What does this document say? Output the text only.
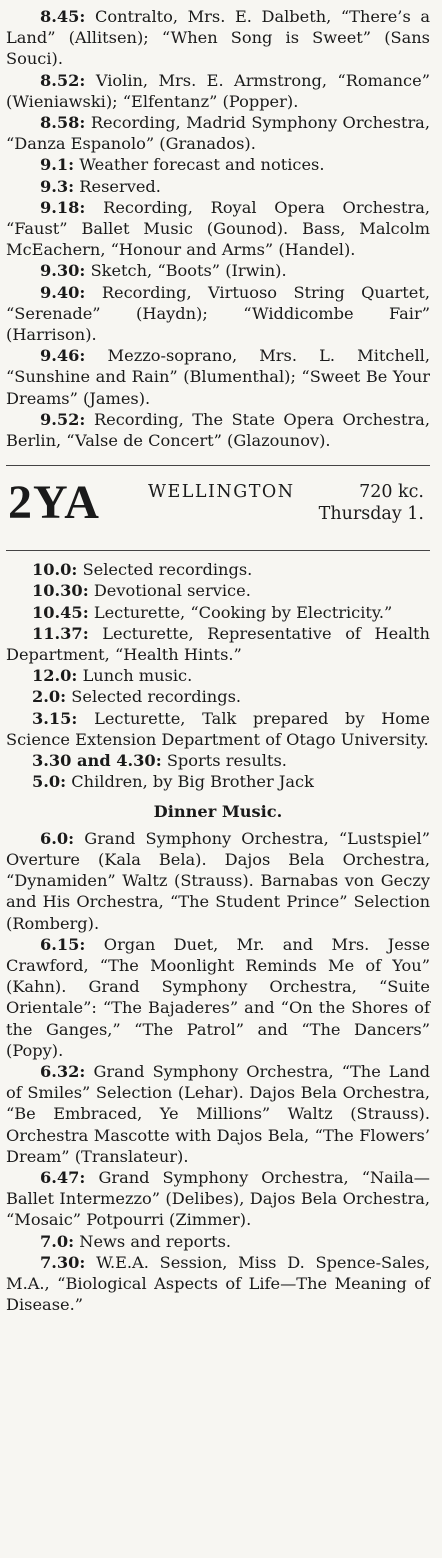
8.45: Contralto, Mrs. E. Dalbeth, “There’s a Land” (Allitsen); “When Song is Sweet” (Sans Souci).

8.52: Violin, Mrs. E. Armstrong, “Romance” (Wieniawski); “Elfentanz” (Popper).

8.58: Recording, Madrid Symphony Orchestra, “Danza Espanolo” (Granados).

9.1: Weather forecast and notices.

9.3: Reserved.

9.18: Recording, Royal Opera Orchestra, “Faust” Ballet Music (Gounod). Bass, Malcolm McEachern, “Honour and Arms” (Handel).

9.30: Sketch, “Boots” (Irwin).

9.40: Recording, Virtuoso String Quartet, “Serenade” (Haydn); “Widdicombe Fair” (Harrison).

9.46: Mezzo-soprano, Mrs. L. Mitchell, “Sunshine and Rain” (Blumenthal); “Sweet Be Your Dreams” (James).

9.52: Recording, The State Opera Orchestra, Berlin, “Valse de Concert” (Glazounov).

2YA	WELLINGTON	720 kc.
Thursday 1.

10.0: Selected recordings.

10.30: Devotional service.

10.45: Lecturette, “Cooking by Electricity.”

11.37: Lecturette, Representative of Health Department, “Health Hints.”

12.0: Lunch music.

2.0: Selected recordings.

3.15: Lecturette, Talk prepared by Home Science Extension Department of Otago University.

3.30 and 4.30: Sports results.

5.0: Children, by Big Brother Jack

Dinner Music.

6.0: Grand Symphony Orchestra, “Lustspiel” Overture (Kala Bela). Dajos Bela Orchestra, “Dynamiden” Waltz (Strauss). Barnabas von Geczy and His Orchestra, “The Student Prince” Selection (Romberg).

6.15: Organ Duet, Mr. and Mrs. Jesse Crawford, “The Moonlight Reminds Me of You” (Kahn). Grand Symphony Orchestra, “Suite Orientale”: “The Bajaderes” and “On the Shores of the Ganges,” “The Patrol” and “The Dancers” (Popy).

6.32: Grand Symphony Orchestra, “The Land of Smiles” Selection (Lehar). Dajos Bela Orchestra, “Be Embraced, Ye Millions” Waltz (Strauss). Orchestra Mascotte with Dajos Bela, “The Flowers’ Dream” (Translateur).

6.47: Grand Symphony Orchestra, “Naila—Ballet Intermezzo” (Delibes), Dajos Bela Orchestra, “Mosaic” Potpourri (Zimmer).

7.0: News and reports.

7.30: W.E.A. Session, Miss D. Spence-Sales, M.A., “Biological Aspects of Life—The Meaning of Disease.”
